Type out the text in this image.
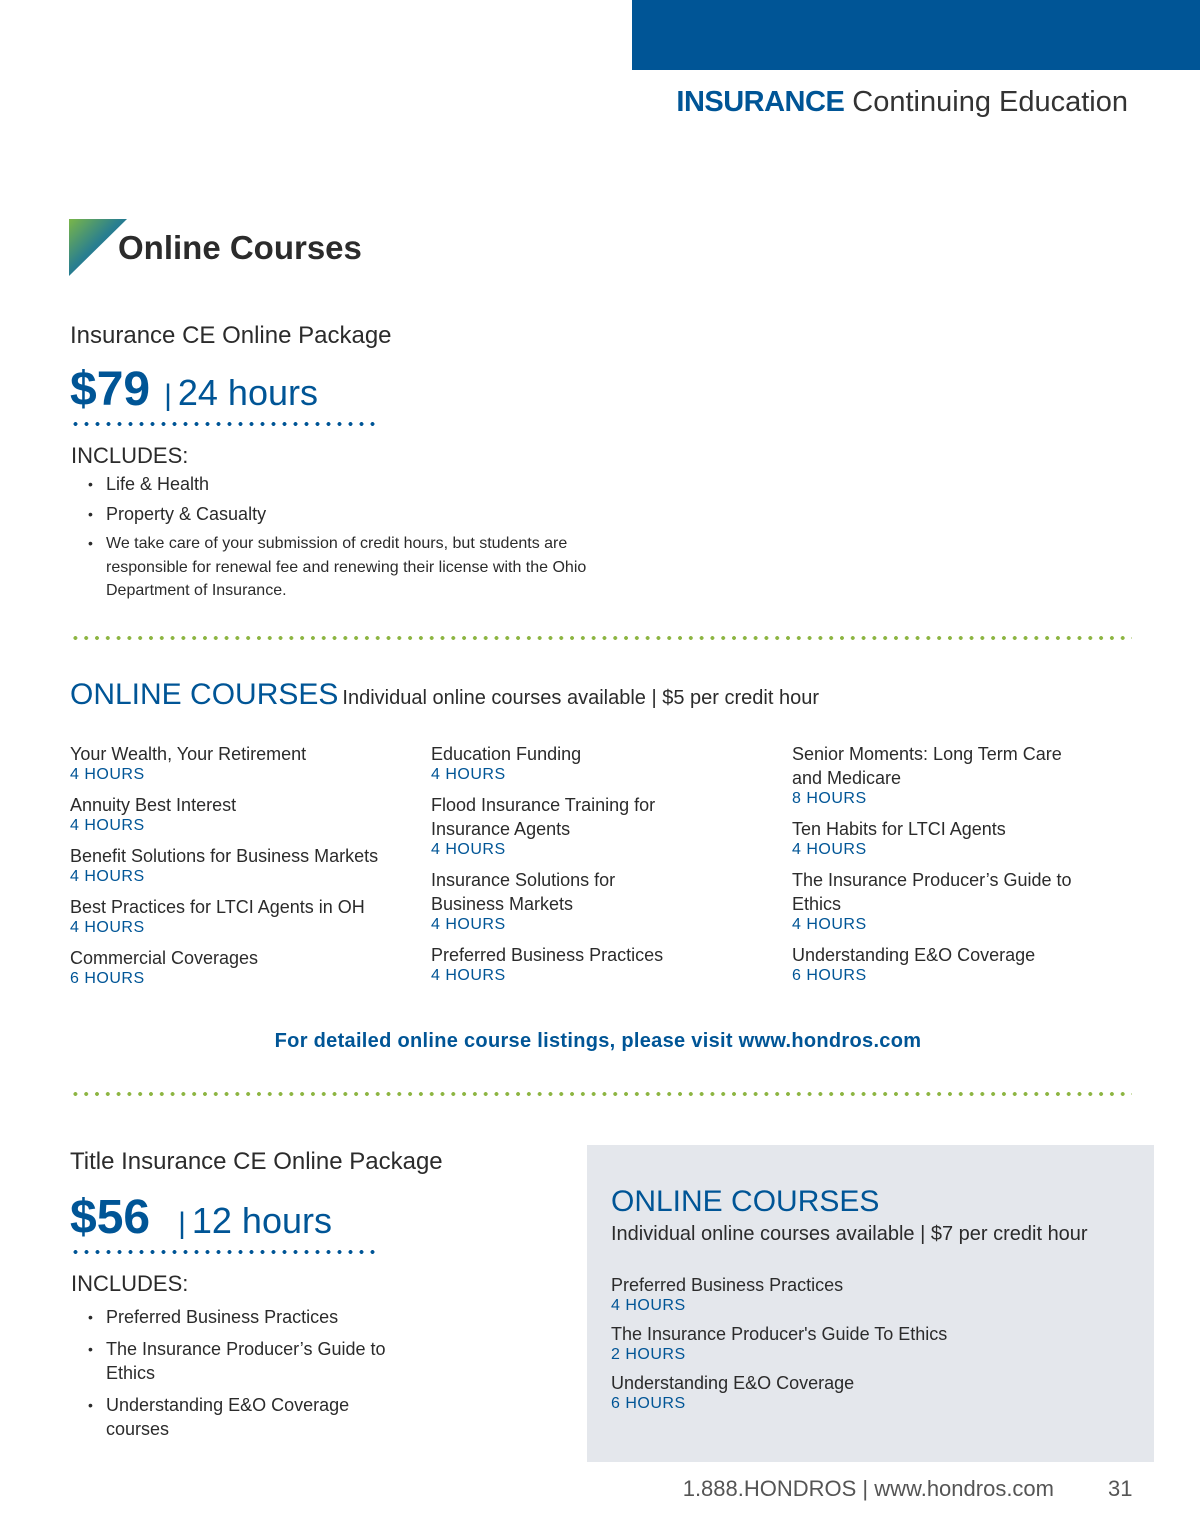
INSURANCE Continuing Education
Online Courses
Insurance CE Online Package
$79 | 24 hours
INCLUDES:
• Life & Health
• Property & Casualty
• We take care of your submission of credit hours, but students are responsible for renewal fee and renewing their license with the Ohio Department of Insurance.
ONLINE COURSES Individual online courses available | $5 per credit hour
Your Wealth, Your Retirement
4 HOURS
Annuity Best Interest
4 HOURS
Benefit Solutions for Business Markets
4 HOURS
Best Practices for LTCI Agents in OH
4 HOURS
Commercial Coverages
6 HOURS
Education Funding
4 HOURS
Flood Insurance Training for Insurance Agents
4 HOURS
Insurance Solutions for Business Markets
4 HOURS
Preferred Business Practices
4 HOURS
Senior Moments: Long Term Care and Medicare
8 HOURS
Ten Habits for LTCI Agents
4 HOURS
The Insurance Producer’s Guide to Ethics
4 HOURS
Understanding E&O Coverage
6 HOURS
For detailed online course listings, please visit www.hondros.com
Title Insurance CE Online Package
$56 | 12 hours
INCLUDES:
• Preferred Business Practices
• The Insurance Producer’s Guide to Ethics
• Understanding E&O Coverage courses
ONLINE COURSES
Individual online courses available | $7 per credit hour
Preferred Business Practices
4 HOURS
The Insurance Producer's Guide To Ethics
2 HOURS
Understanding E&O Coverage
6 HOURS
1.888.HONDROS | www.hondros.com 31
